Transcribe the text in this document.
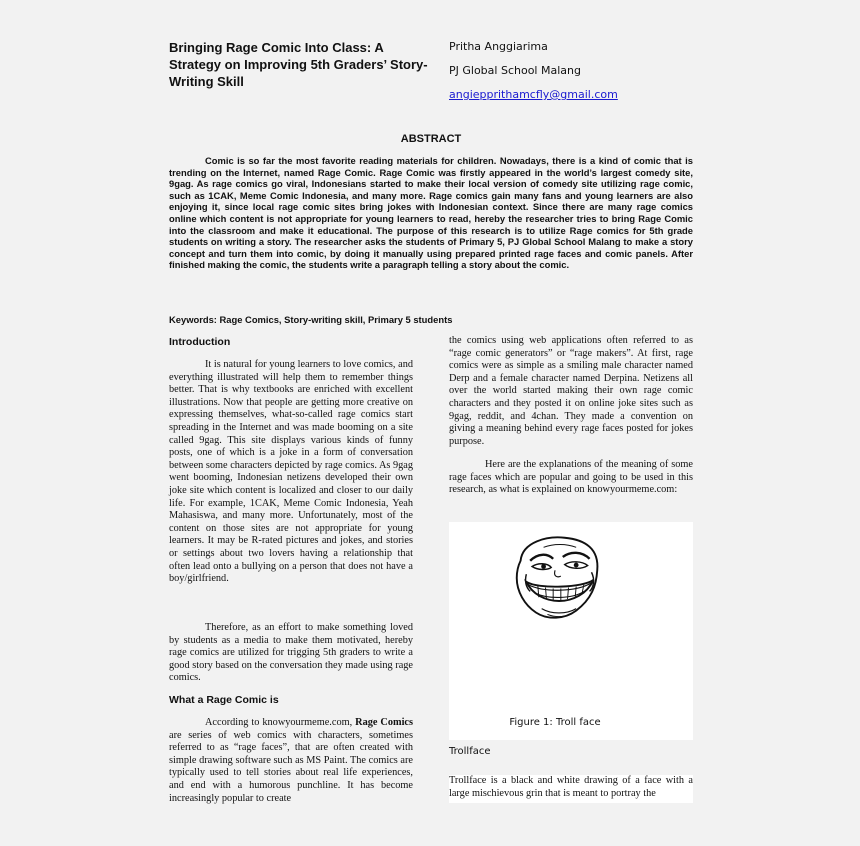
Bringing Rage Comic Into Class: A Strategy on Improving 5th Graders’ Story-Writing Skill
Pritha Anggiarima
PJ Global School Malang
angiepprithamcfly@gmail.com
ABSTRACT

Comic is so far the most favorite reading materials for children. Nowadays, there is a kind of comic that is trending on the Internet, named Rage Comic. Rage Comic was firstly appeared in the world’s largest comedy site, 9gag. As rage comics go viral, Indonesians started to make their local version of comedy site utilizing rage comic, such as 1CAK, Meme Comic Indonesia, and many more. Rage comics gain many fans and young learners are also enjoying it, since local rage comic sites bring jokes with Indonesian context. Since there are many rage comics online which content is not appropriate for young learners to read, hereby the researcher tries to bring Rage Comic into the classroom and make it educational. The purpose of this research is to utilize Rage comics for 5th grade students on writing a story. The researcher asks the students of Primary 5, PJ Global School Malang to make a story concept and turn them into comic, by doing it manually using prepared printed rage faces and comic panels. After finished making the comic, the students write a paragraph telling a story about the comic.

Keywords: Rage Comics, Story-writing skill, Primary 5 students
Introduction

It is natural for young learners to love comics, and everything illustrated will help them to remember things better. That is why textbooks are enriched with excellent illustrations. Now that people are getting more creative on expressing themselves, what-so-called rage comics start spreading in the Internet and was made booming on a site called 9gag. This site displays various kinds of funny posts, one of which is a joke in a form of conversation between some characters depicted by rage comics. As 9gag went booming, Indonesian netizens developed their own joke site which content is localized and closer to our daily life. For example, 1CAK, Meme Comic Indonesia, Yeah Mahasiswa, and many more. Unfortunately, most of the content on those sites are not appropriate for young learners. It may be R-rated pictures and jokes, and stories or settings about two lovers having a relationship that often lead onto a bullying on a person that does not have a boy/girlfriend.

Therefore, as an effort to make something loved by students as a media to make them motivated, hereby rage comics are utilized for trigging 5th graders to write a good story based on the conversation they made using rage comics.

What a Rage Comic is

According to knowyourmeme.com, Rage Comics are series of web comics with characters, sometimes referred to as “rage faces”, that are often created with simple drawing software such as MS Paint. The comics are typically used to tell stories about real life experiences, and end with a humorous punchline. It has become increasingly popular to create

the comics using web applications often referred to as “rage comic generators” or “rage makers”. At first, rage comics were as simple as a smiling male character named Derp and a female character named Derpina. Netizens all over the world started making their own rage comic characters and they posted it on online joke sites such as 9gag, reddit, and 4chan. They made a convention on giving a meaning behind every rage faces posted for jokes purpose.

Here are the explanations of the meaning of some rage faces which are popular and going to be used in this research, as what is explained on knowyourmeme.com:

Figure 1: Troll face
Trollface

Trollface is a black and white drawing of a face with a large mischievous grin that is meant to portray the
